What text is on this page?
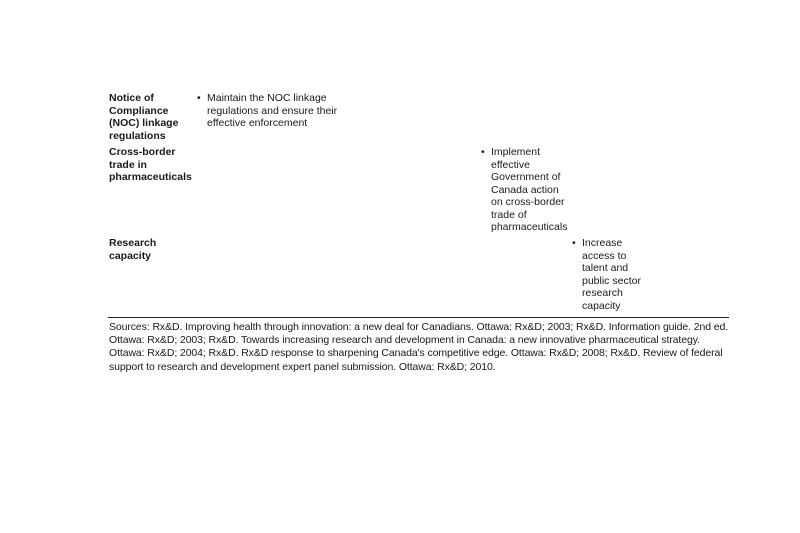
Notice of Compliance (NOC) linkage regulations
• Maintain the NOC linkage regulations and ensure their effective enforcement
Cross-border trade in pharmaceuticals
• Implement effective Government of Canada action on cross-border trade of pharmaceuticals
Research capacity
• Increase access to talent and public sector research capacity
Sources: Rx&D. Improving health through innovation: a new deal for Canadians. Ottawa: Rx&D; 2003; Rx&D. Information guide. 2nd ed. Ottawa: Rx&D; 2003; Rx&D. Towards increasing research and development in Canada: a new innovative pharmaceutical strategy. Ottawa: Rx&D; 2004; Rx&D. Rx&D response to sharpening Canada's competitive edge. Ottawa: Rx&D; 2008; Rx&D. Review of federal support to research and development expert panel submission. Ottawa: Rx&D; 2010.
